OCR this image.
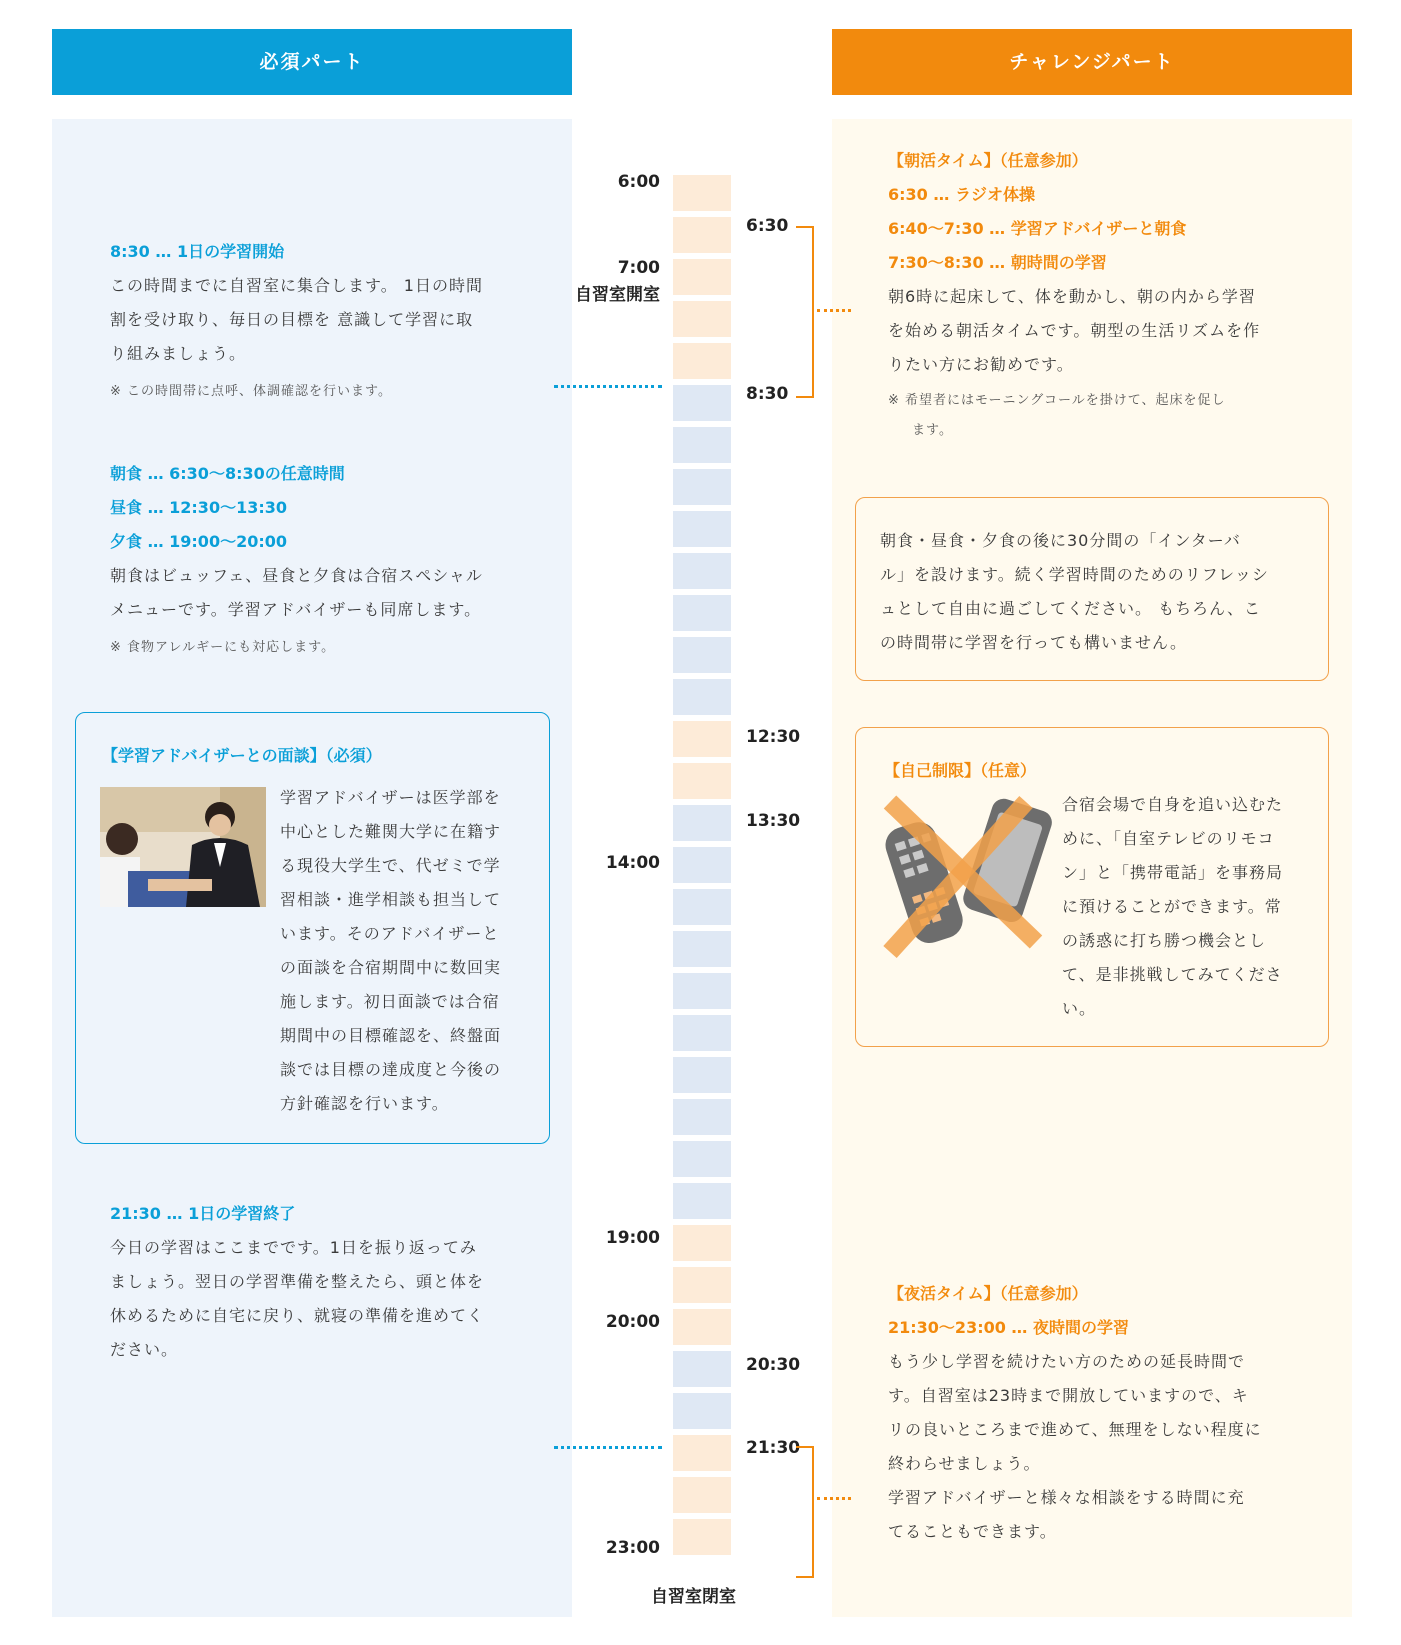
必須パート	チャレンジパート
6:00
7:00
自習室開室
14:00
19:00
20:00
23:00
6:30
8:30
12:30
13:30
20:30
21:30
自習室閉室
8:30 … 1日の学習開始
この時間までに自習室に集合します。 1日の時間
割を受け取り、毎日の目標を 意識して学習に取
り組みましょう。
※ この時間帯に点呼、体調確認を行います。
朝食 … 6:30〜8:30の任意時間
昼食 … 12:30〜13:30
夕食 … 19:00〜20:00
朝食はビュッフェ、昼食と夕食は合宿スペシャル
メニューです。学習アドバイザーも同席します。
※ 食物アレルギーにも対応します。
【学習アドバイザーとの面談】（必須）
学習アドバイザーは医学部を
中心とした難関大学に在籍す
る現役大学生で、代ゼミで学
習相談・進学相談も担当して
います。そのアドバイザーと
の面談を合宿期間中に数回実
施します。初日面談では合宿
期間中の目標確認を、終盤面
談では目標の達成度と今後の
方針確認を行います。
21:30 … 1日の学習終了
今日の学習はここまでです。1日を振り返ってみ
ましょう。翌日の学習準備を整えたら、頭と体を
休めるために自宅に戻り、就寝の準備を進めてく
ださい。
【朝活タイム】（任意参加）
6:30 … ラジオ体操
6:40〜7:30 … 学習アドバイザーと朝食
7:30〜8:30 … 朝時間の学習
朝6時に起床して、体を動かし、朝の内から学習
を始める朝活タイムです。朝型の生活リズムを作
りたい方にお勧めです。
※ 希望者にはモーニングコールを掛けて、起床を促し
ます。
朝食・昼食・夕食の後に30分間の「インターバ
ル」を設けます。続く学習時間のためのリフレッシ
ュとして自由に過ごしてください。 もちろん、こ
の時間帯に学習を行っても構いません。
【自己制限】（任意）
合宿会場で自身を追い込むた
めに、「自室テレビのリモコ
ン」と「携帯電話」を事務局
に預けることができます。常
の誘惑に打ち勝つ機会とし
て、是非挑戦してみてくださ
い。
【夜活タイム】（任意参加）
21:30〜23:00 … 夜時間の学習
もう少し学習を続けたい方のための延長時間で
す。自習室は23時まで開放していますので、キ
リの良いところまで進めて、無理をしない程度に
終わらせましょう。
学習アドバイザーと様々な相談をする時間に充
てることもできます。
